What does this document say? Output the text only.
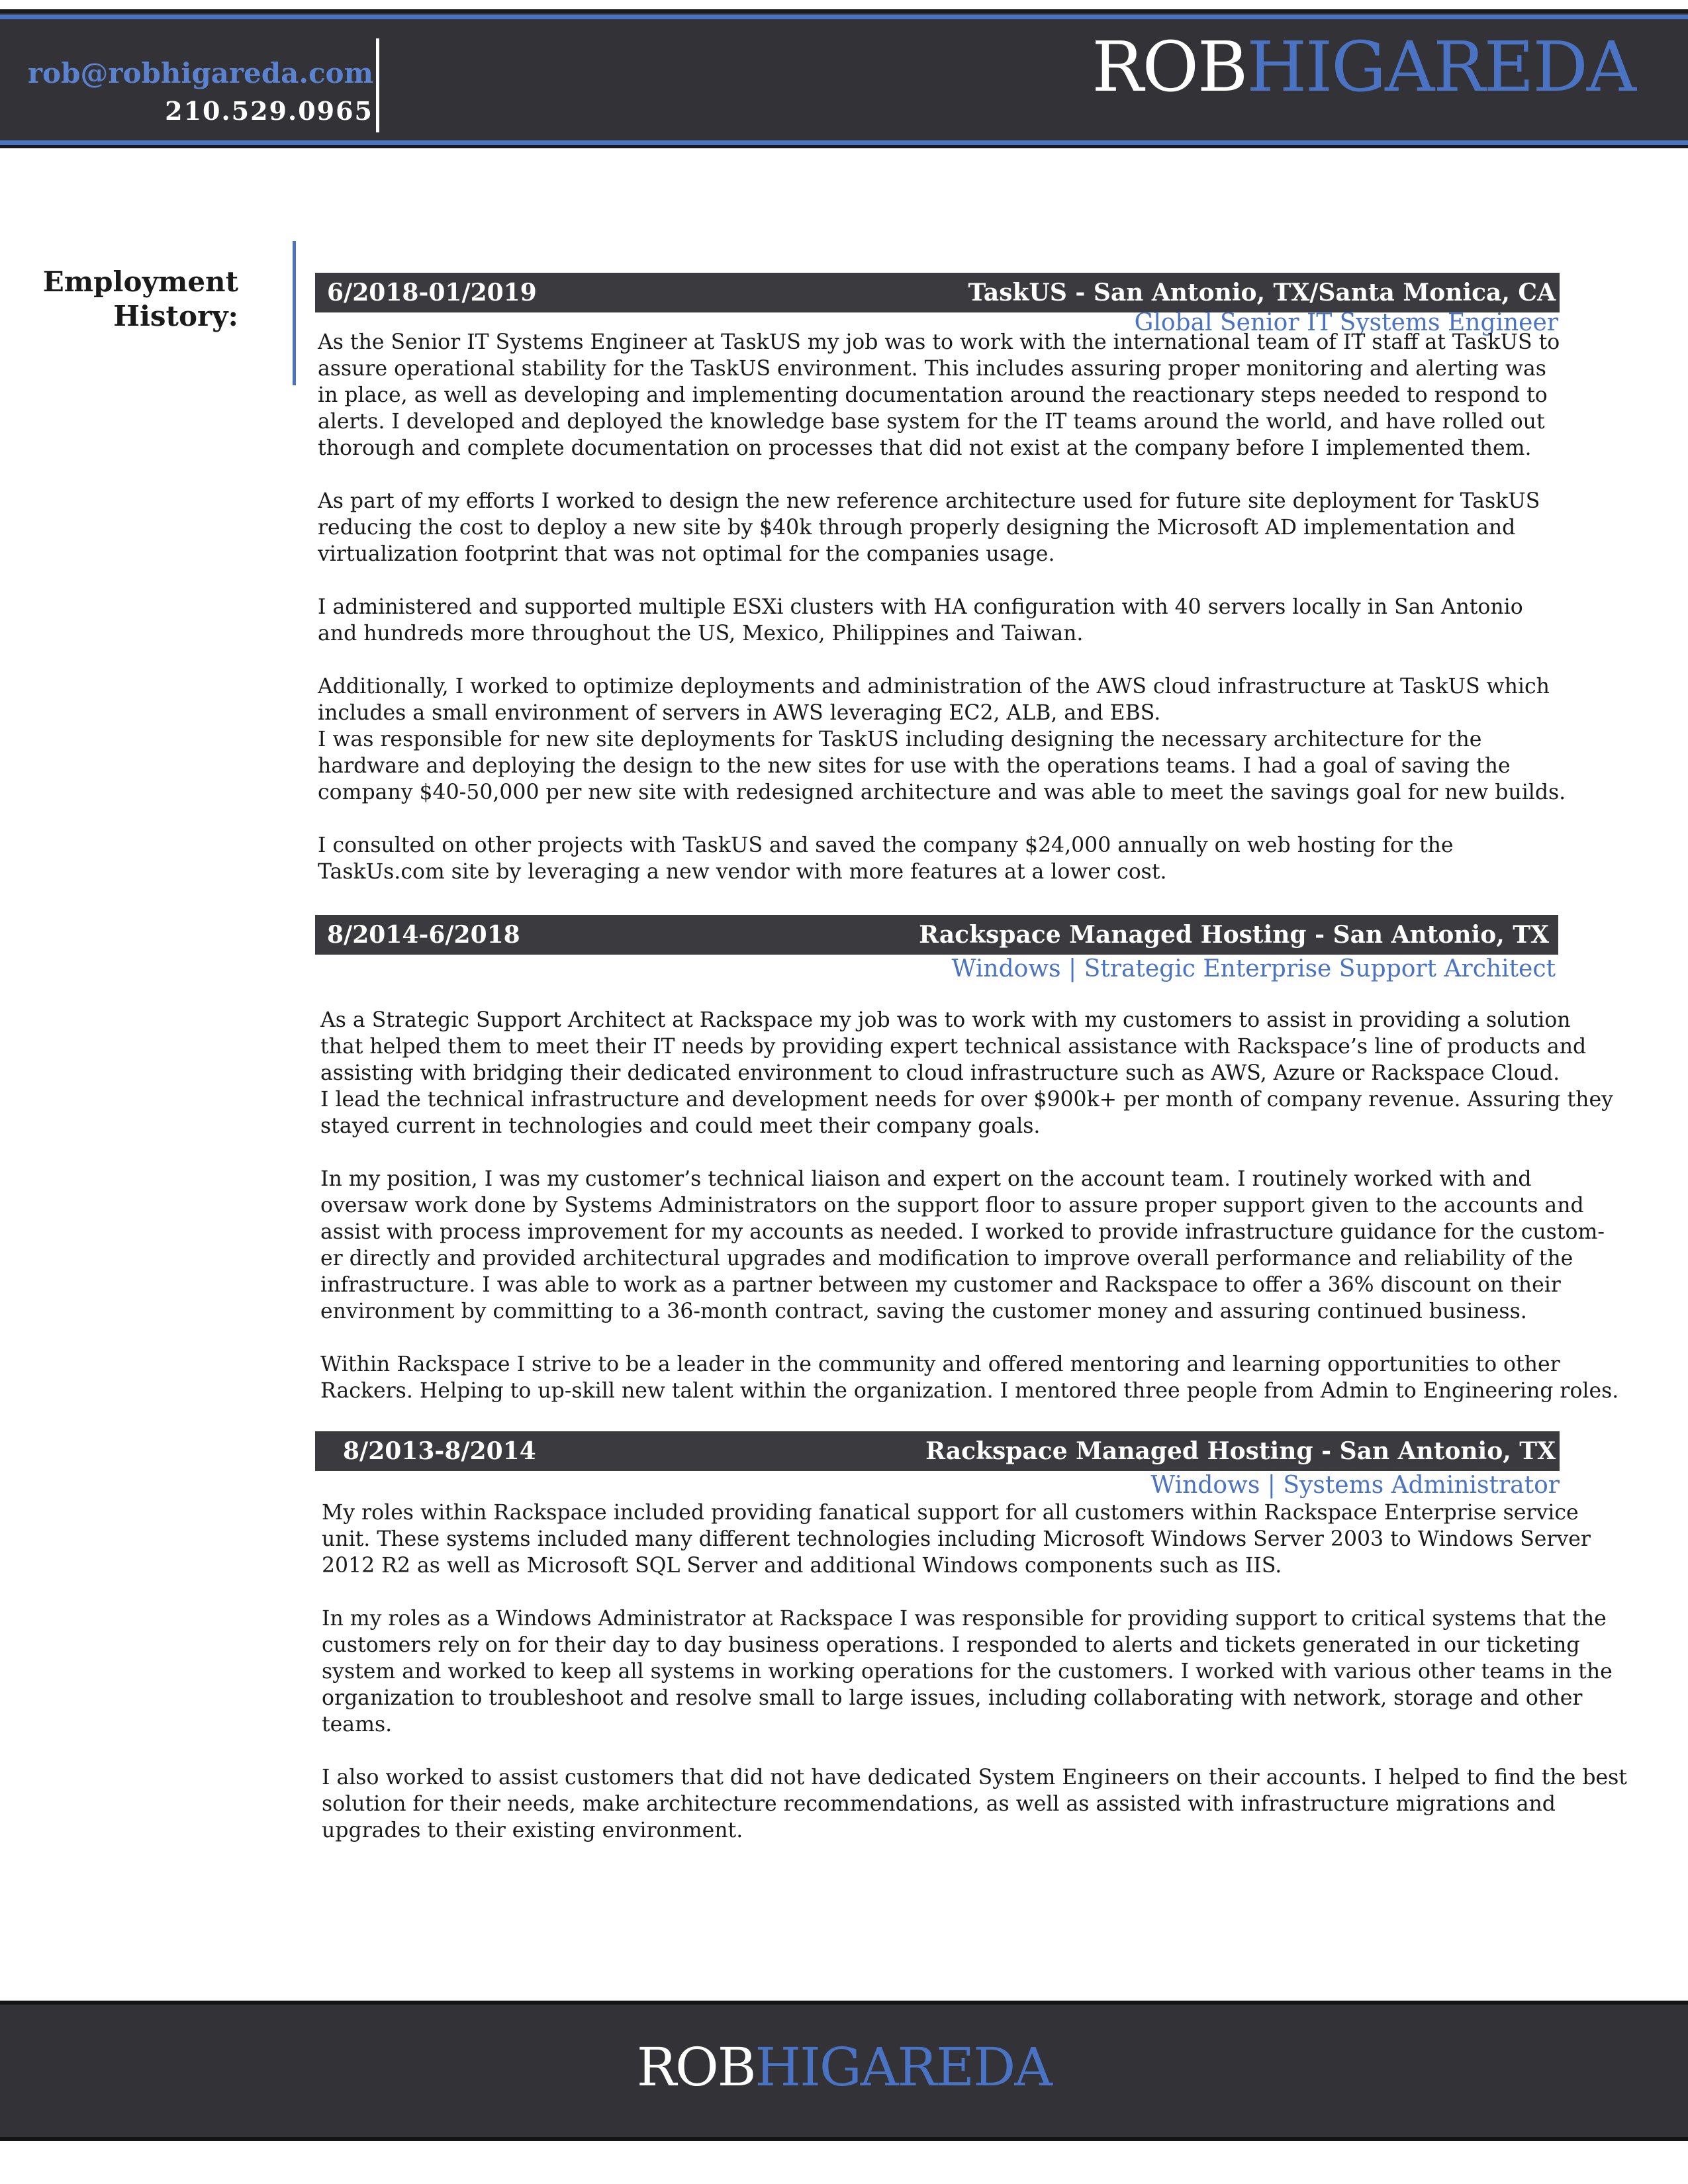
rob@robhigareda.com
210.529.0965
ROBHIGAREDA
Employment
History:
6/2018-01/2019	TaskUS - San Antonio, TX/Santa Monica, CA
Global Senior IT Systems Engineer

As the Senior IT Systems Engineer at TaskUS my job was to work with the international team of IT staff at TaskUS to
assure operational stability for the TaskUS environment. This includes assuring proper monitoring and alerting was
in place, as well as developing and implementing documentation around the reactionary steps needed to respond to
alerts. I developed and deployed the knowledge base system for the IT teams around the world, and have rolled out
thorough and complete documentation on processes that did not exist at the company before I implemented them.

As part of my efforts I worked to design the new reference architecture used for future site deployment for TaskUS
reducing the cost to deploy a new site by $40k through properly designing the Microsoft AD implementation and
virtualization footprint that was not optimal for the companies usage.

I administered and supported multiple ESXi clusters with HA configuration with 40 servers locally in San Antonio
and hundreds more throughout the US, Mexico, Philippines and Taiwan.

Additionally, I worked to optimize deployments and administration of the AWS cloud infrastructure at TaskUS which
includes a small environment of servers in AWS leveraging EC2, ALB, and EBS.
I was responsible for new site deployments for TaskUS including designing the necessary architecture for the
hardware and deploying the design to the new sites for use with the operations teams. I had a goal of saving the
company $40-50,000 per new site with redesigned architecture and was able to meet the savings goal for new builds.

I consulted on other projects with TaskUS and saved the company $24,000 annually on web hosting for the
TaskUs.com site by leveraging a new vendor with more features at a lower cost.

8/2014-6/2018	Rackspace Managed Hosting - San Antonio, TX
Windows | Strategic Enterprise Support Architect

As a Strategic Support Architect at Rackspace my job was to work with my customers to assist in providing a solution
that helped them to meet their IT needs by providing expert technical assistance with Rackspace’s line of products and
assisting with bridging their dedicated environment to cloud infrastructure such as AWS, Azure or Rackspace Cloud.
I lead the technical infrastructure and development needs for over $900k+ per month of company revenue. Assuring they
stayed current in technologies and could meet their company goals.

In my position, I was my customer’s technical liaison and expert on the account team. I routinely worked with and
oversaw work done by Systems Administrators on the support floor to assure proper support given to the accounts and
assist with process improvement for my accounts as needed. I worked to provide infrastructure guidance for the custom-
er directly and provided architectural upgrades and modification to improve overall performance and reliability of the
infrastructure. I was able to work as a partner between my customer and Rackspace to offer a 36% discount on their
environment by committing to a 36-month contract, saving the customer money and assuring continued business.

Within Rackspace I strive to be a leader in the community and offered mentoring and learning opportunities to other
Rackers. Helping to up-skill new talent within the organization. I mentored three people from Admin to Engineering roles.

8/2013-8/2014	Rackspace Managed Hosting - San Antonio, TX
Windows | Systems Administrator

My roles within Rackspace included providing fanatical support for all customers within Rackspace Enterprise service
unit. These systems included many different technologies including Microsoft Windows Server 2003 to Windows Server
2012 R2 as well as Microsoft SQL Server and additional Windows components such as IIS.

In my roles as a Windows Administrator at Rackspace I was responsible for providing support to critical systems that the
customers rely on for their day to day business operations. I responded to alerts and tickets generated in our ticketing
system and worked to keep all systems in working operations for the customers. I worked with various other teams in the
organization to troubleshoot and resolve small to large issues, including collaborating with network, storage and other
teams.

I also worked to assist customers that did not have dedicated System Engineers on their accounts. I helped to find the best
solution for their needs, make architecture recommendations, as well as assisted with infrastructure migrations and
upgrades to their existing environment.

ROBHIGAREDA
